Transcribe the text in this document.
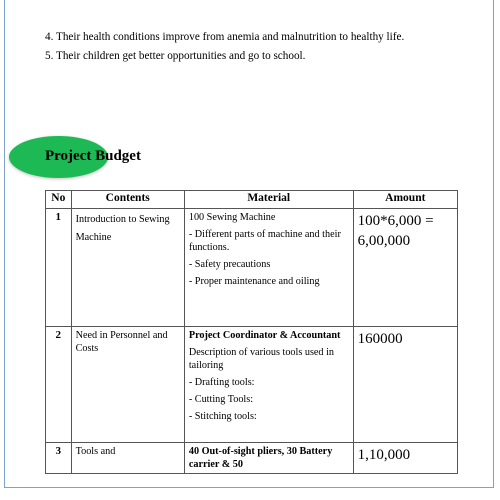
4. Their health conditions improve from anemia and malnutrition to healthy life.

5. Their children get better opportunities and go to school.

Project Budget
No	Contents	Material	Amount
1	Introduction to Sewing Machine	100 Sewing Machine
- Different parts of machine and their functions.
- Safety precautions
- Proper maintenance and oiling	100*6,000 = 6,00,000
2	Need in Personnel and Costs	Project Coordinator & Accountant
Description of various tools used in tailoring
- Drafting tools:
- Cutting Tools:
- Stitching tools:	160000
3	Tools and	40 Out-of-sight pliers, 30 Battery carrier & 50	1,10,000
